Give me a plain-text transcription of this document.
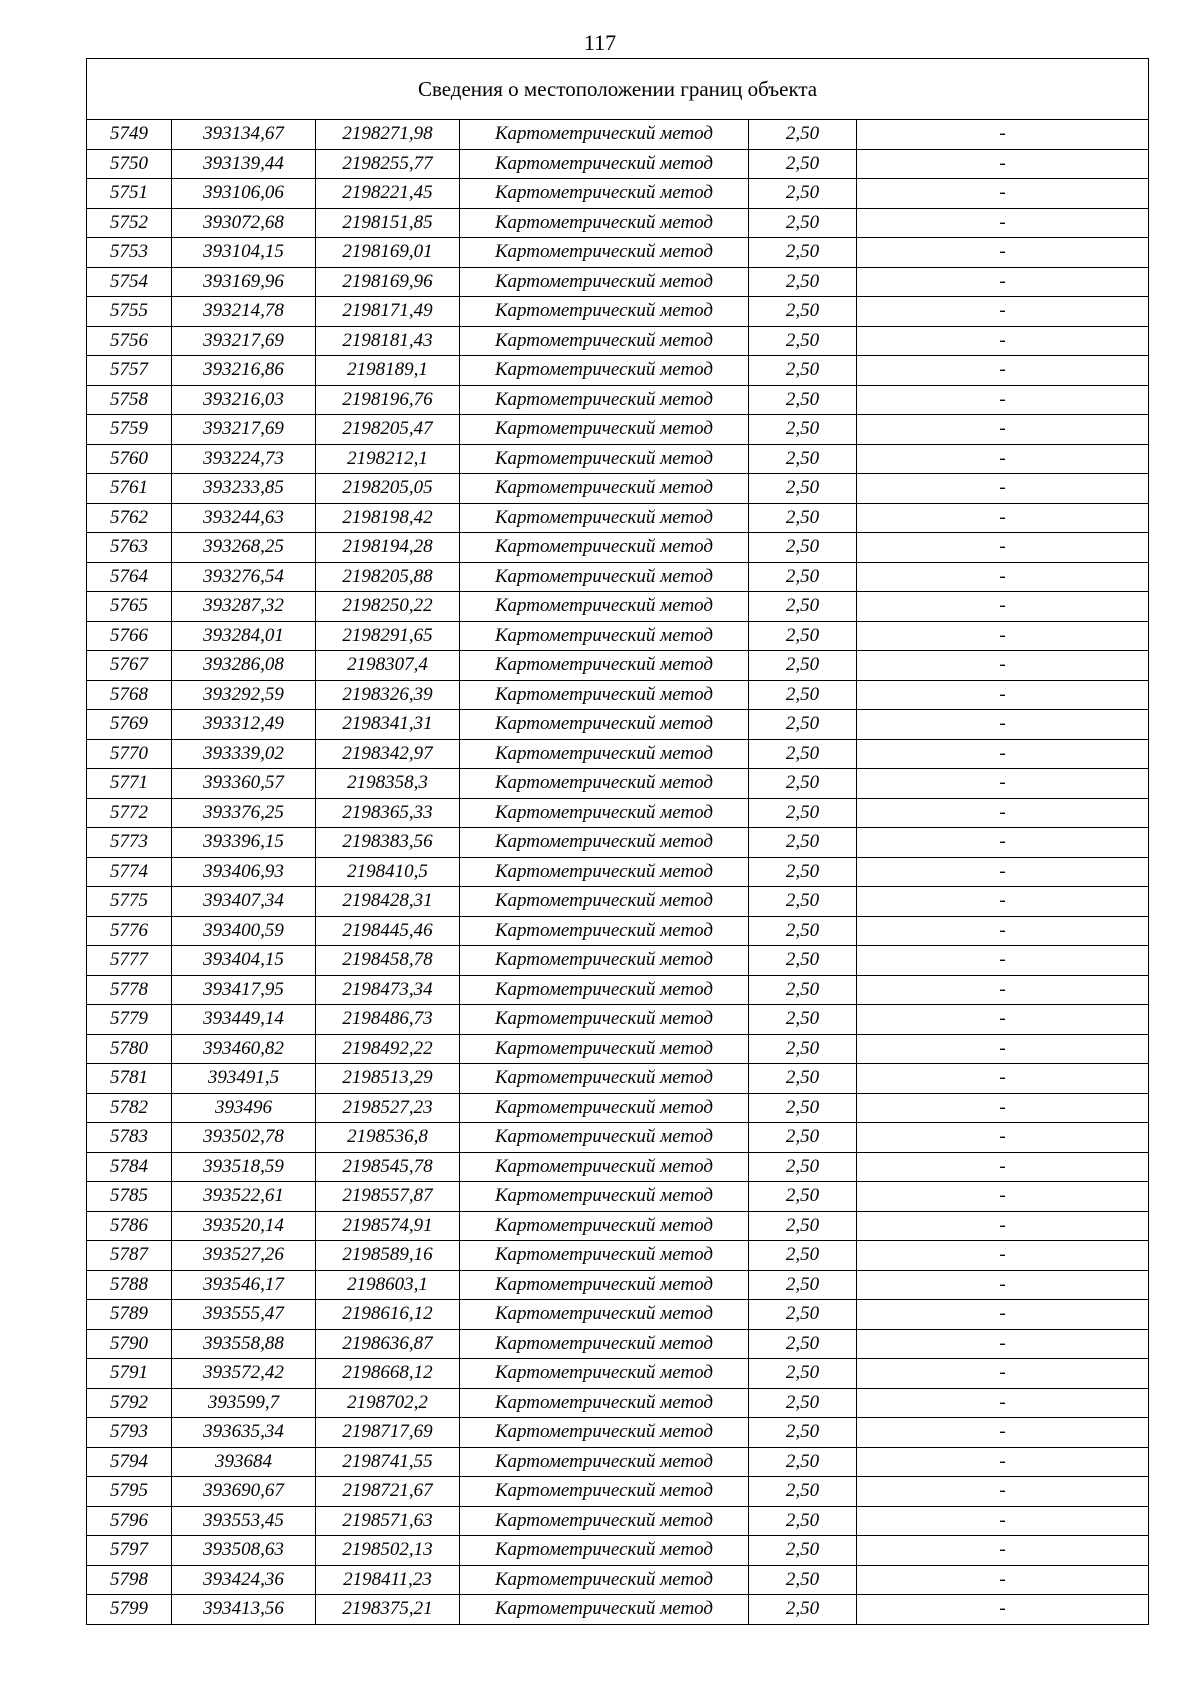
117
Сведения о местоположении границ объекта					
5749	393134,67	2198271,98	Картометрический метод	2,50	-
5750	393139,44	2198255,77	Картометрический метод	2,50	-
5751	393106,06	2198221,45	Картометрический метод	2,50	-
5752	393072,68	2198151,85	Картометрический метод	2,50	-
5753	393104,15	2198169,01	Картометрический метод	2,50	-
5754	393169,96	2198169,96	Картометрический метод	2,50	-
5755	393214,78	2198171,49	Картометрический метод	2,50	-
5756	393217,69	2198181,43	Картометрический метод	2,50	-
5757	393216,86	2198189,1	Картометрический метод	2,50	-
5758	393216,03	2198196,76	Картометрический метод	2,50	-
5759	393217,69	2198205,47	Картометрический метод	2,50	-
5760	393224,73	2198212,1	Картометрический метод	2,50	-
5761	393233,85	2198205,05	Картометрический метод	2,50	-
5762	393244,63	2198198,42	Картометрический метод	2,50	-
5763	393268,25	2198194,28	Картометрический метод	2,50	-
5764	393276,54	2198205,88	Картометрический метод	2,50	-
5765	393287,32	2198250,22	Картометрический метод	2,50	-
5766	393284,01	2198291,65	Картометрический метод	2,50	-
5767	393286,08	2198307,4	Картометрический метод	2,50	-
5768	393292,59	2198326,39	Картометрический метод	2,50	-
5769	393312,49	2198341,31	Картометрический метод	2,50	-
5770	393339,02	2198342,97	Картометрический метод	2,50	-
5771	393360,57	2198358,3	Картометрический метод	2,50	-
5772	393376,25	2198365,33	Картометрический метод	2,50	-
5773	393396,15	2198383,56	Картометрический метод	2,50	-
5774	393406,93	2198410,5	Картометрический метод	2,50	-
5775	393407,34	2198428,31	Картометрический метод	2,50	-
5776	393400,59	2198445,46	Картометрический метод	2,50	-
5777	393404,15	2198458,78	Картометрический метод	2,50	-
5778	393417,95	2198473,34	Картометрический метод	2,50	-
5779	393449,14	2198486,73	Картометрический метод	2,50	-
5780	393460,82	2198492,22	Картометрический метод	2,50	-
5781	393491,5	2198513,29	Картометрический метод	2,50	-
5782	393496	2198527,23	Картометрический метод	2,50	-
5783	393502,78	2198536,8	Картометрический метод	2,50	-
5784	393518,59	2198545,78	Картометрический метод	2,50	-
5785	393522,61	2198557,87	Картометрический метод	2,50	-
5786	393520,14	2198574,91	Картометрический метод	2,50	-
5787	393527,26	2198589,16	Картометрический метод	2,50	-
5788	393546,17	2198603,1	Картометрический метод	2,50	-
5789	393555,47	2198616,12	Картометрический метод	2,50	-
5790	393558,88	2198636,87	Картометрический метод	2,50	-
5791	393572,42	2198668,12	Картометрический метод	2,50	-
5792	393599,7	2198702,2	Картометрический метод	2,50	-
5793	393635,34	2198717,69	Картометрический метод	2,50	-
5794	393684	2198741,55	Картометрический метод	2,50	-
5795	393690,67	2198721,67	Картометрический метод	2,50	-
5796	393553,45	2198571,63	Картометрический метод	2,50	-
5797	393508,63	2198502,13	Картометрический метод	2,50	-
5798	393424,36	2198411,23	Картометрический метод	2,50	-
5799	393413,56	2198375,21	Картометрический метод	2,50	-
